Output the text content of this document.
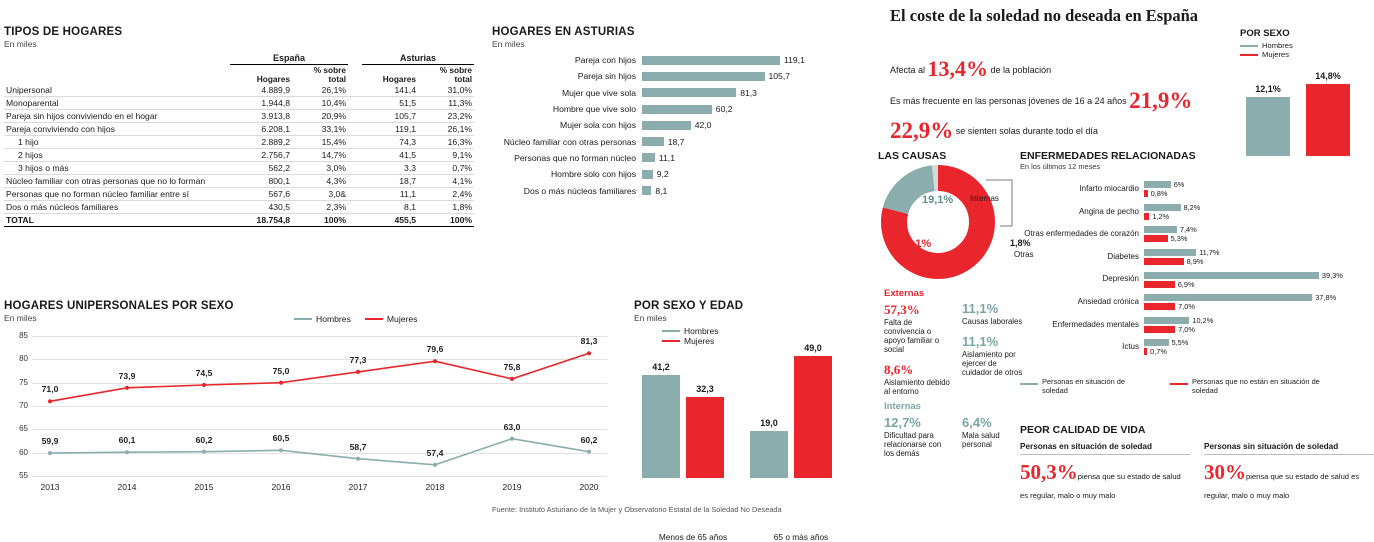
TIPOS DE HOGARES
En miles
	España			Asturias	
	Hogares	% sobre total		Hogares	% sobre total
Unipersonal	4.889,9	26,1%		141,4	31,0%
Monoparental	1.944,8	10,4%		51,5	11,3%
Pareja sin hijos conviviendo en el hogar	3.913,8	20,9%		105,7	23,2%
Pareja conviviendo con hijos	6.208,1	33,1%		119,1	26,1%
1 hijo	2.889,2	15,4%		74,3	16,3%
2 hijos	2.756,7	14,7%		41,5	9,1%
3 hijos o más	562,2	3,0%		3,3	0,7%
Núcleo familiar con otras personas que no lo forman	800,1	4,3%		18,7	4,1%
Personas que no forman núcleo familiar entre sí	567,6	3,0&		11,1	2,4%
Dos o más núcleos familiares	430,5	2,3%		8,1	1,8%
TOTAL	18.754,8	100%		455,5	100%
HOGARES EN ASTURIAS
En miles
Pareja con hijos	119,1
Pareja sin hijos	105,7
Mujer que vive sola	81,3
Hombre que vive solo	60,2
Mujer sola con hijos	42,0
Núcleo familiar con otras personas	18,7
Personas que no forman núcleo	11,1
Hombre solo con hijos	9,2
Dos o más núcleos familiares	8,1
HOGARES UNIPERSONALES POR SEXO
En miles	Hombres	Mujeres
55
60
65
70
75
80
85
2013	2014	2015	2016	2017	2018	2019	2020
71,0
73,9	74,5	75,0
77,3
79,6
75,8
81,3
59,9	60,1	60,2	60,5
58,7
57,4
63,0
60,2
POR SEXO Y EDAD
En miles
Hombres
Mujeres
41,2
32,3
Menos de 65 años
19,0
49,0
65 o más años
Fuente: Instituto Asturiano de la Mujer y Observatorio Estatal de la Soledad No Deseada
El coste de la soledad no deseada en España
Afecta al 13,4% de la población
Es más frecuente en las personas jóvenes de 16 a 24 años 21,9%
22,9% se sienten solas durante todo el día
POR SEXO
Hombres
Mujeres
12,1%
14,8%
LAS CAUSAS
19,1% Internas
79,1%
Externas
1,8%
Otras
Externas
57,3%
Falta de convivencia o apoyo familiar o social
8,6%
Aislamiento debido al entorno
11,1%
Causas laborales
11,1%
Aislamiento por ejercer de cuidador de otros
Internas
12,7%
Dificultad para relacionarse con los demás
6,4%
Mala salud personal
ENFERMEDADES RELACIONADAS
En los últimos 12 meses
Infarto miocardio	6%
0,8%
Angina de pecho	8,2%
1,2%
Otras enfermedades de corazón	7,4%
5,3%
Diabetes	11,7%
8,9%
Depresión	39,3%
6,9%
Ansiedad crónica	37,8%
7,0%
Enfermedades mentales	10,2%
7,0%
Ictus	5,5%
0,7%
Personas en situación de soledad
Personas que no están en situación de soledad
PEOR CALIDAD DE VIDA
Personas en situación de soledad
50,3%piensa que su estado de salud es regular, malo o muy malo
Personas sin situación de soledad
30%piensa que su estado de salud es regular, malo o muy malo
